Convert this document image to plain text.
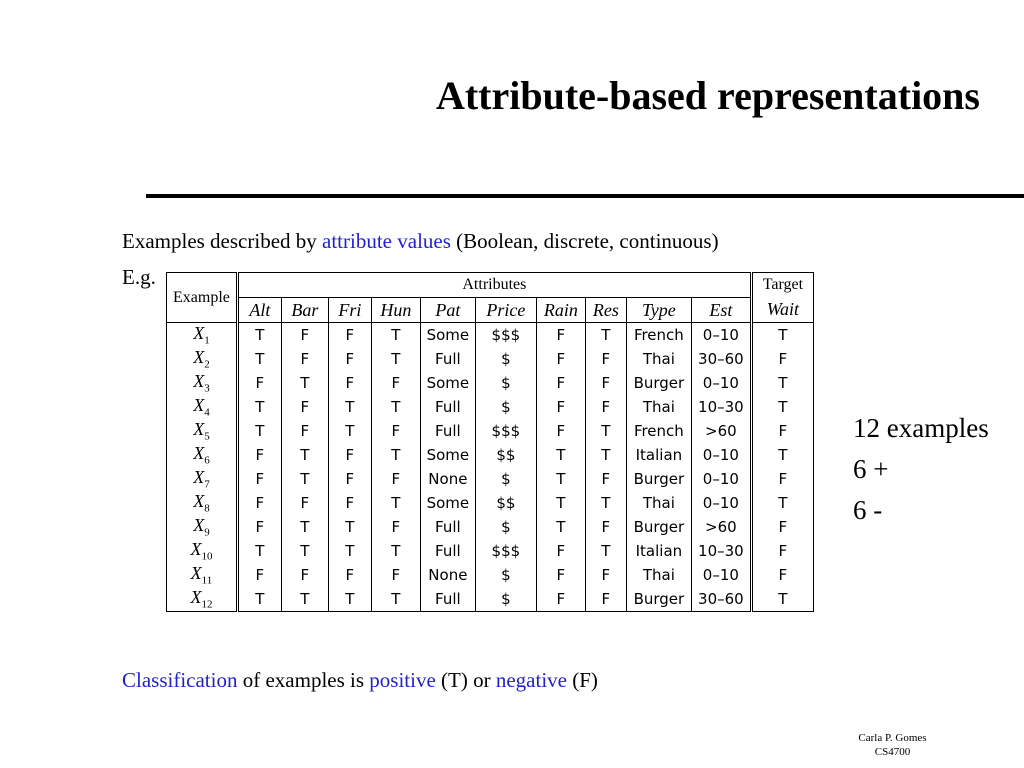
Attribute-based representations
Examples described by attribute values (Boolean, discrete, continuous)
E.g.
Example	Attributes										Target
	Alt	Bar	Fri	Hun	Pat	Price	Rain	Res	Type	Est	Wait
$X_1$	T	F	F	T	Some	$$$	F	T	French	0–10	T
$X_2$	T	F	F	T	Full	$	F	F	Thai	30–60	F
$X_3$	F	T	F	F	Some	$	F	F	Burger	0–10	T
$X_4$	T	F	T	T	Full	$	F	F	Thai	10–30	T
$X_5$	T	F	T	F	Full	$$$	F	T	French	>60	F
$X_6$	F	T	F	T	Some	$$	T	T	Italian	0–10	T
$X_7$	F	T	F	F	None	$	T	F	Burger	0–10	F
$X_8$	F	F	F	T	Some	$$	T	T	Thai	0–10	T
$X_9$	F	T	T	F	Full	$	T	F	Burger	>60	F
$X_{10}$	T	T	T	T	Full	$$$	F	T	Italian	10–30	F
$X_{11}$	F	F	F	F	None	$	F	F	Thai	0–10	F
$X_{12}$	T	T	T	T	Full	$	F	F	Burger	30–60	T
12 examples
6 +
6 -
Classification of examples is positive (T) or negative (F)
Carla P. Gomes
CS4700
